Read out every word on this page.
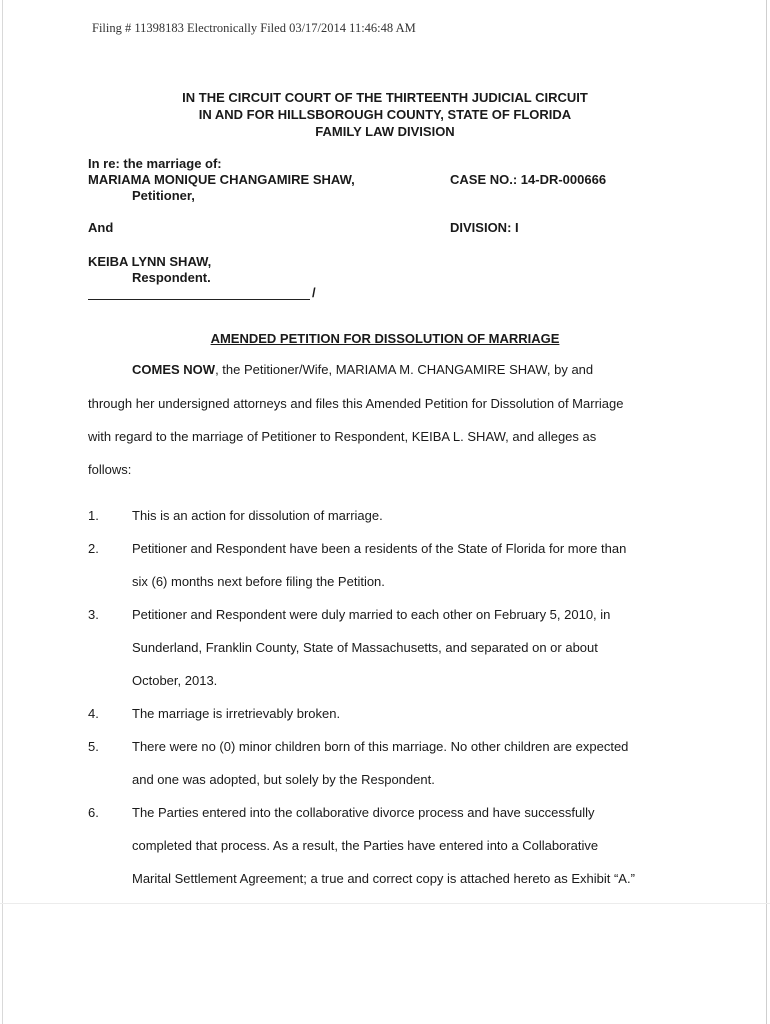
Filing # 11398183 Electronically Filed 03/17/2014 11:46:48 AM
IN THE CIRCUIT COURT OF THE THIRTEENTH JUDICIAL CIRCUIT
IN AND FOR HILLSBOROUGH COUNTY, STATE OF FLORIDA
FAMILY LAW DIVISION
In re: the marriage of:
MARIAMA MONIQUE CHANGAMIRE SHAW,
Petitioner,
CASE NO.: 14-DR-000666
And	DIVISION: I
KEIBA LYNN SHAW,
Respondent.
/
AMENDED PETITION FOR DISSOLUTION OF MARRIAGE
COMES NOW, the Petitioner/Wife, MARIAMA M. CHANGAMIRE SHAW, by and
through her undersigned attorneys and files this Amended Petition for Dissolution of Marriage
with regard to the marriage of Petitioner to Respondent, KEIBA L. SHAW, and alleges as
follows:
1.	This is an action for dissolution of marriage.
2.	Petitioner and Respondent have been a residents of the State of Florida for more than
six (6) months next before filing the Petition.
3.	Petitioner and Respondent were duly married to each other on February 5, 2010, in
Sunderland, Franklin County, State of Massachusetts, and separated on or about
October, 2013.
4.	The marriage is irretrievably broken.
5.	There were no (0) minor children born of this marriage. No other children are expected
and one was adopted, but solely by the Respondent.
6.	The Parties entered into the collaborative divorce process and have successfully
completed that process. As a result, the Parties have entered into a Collaborative
Marital Settlement Agreement; a true and correct copy is attached hereto as Exhibit “A.”
